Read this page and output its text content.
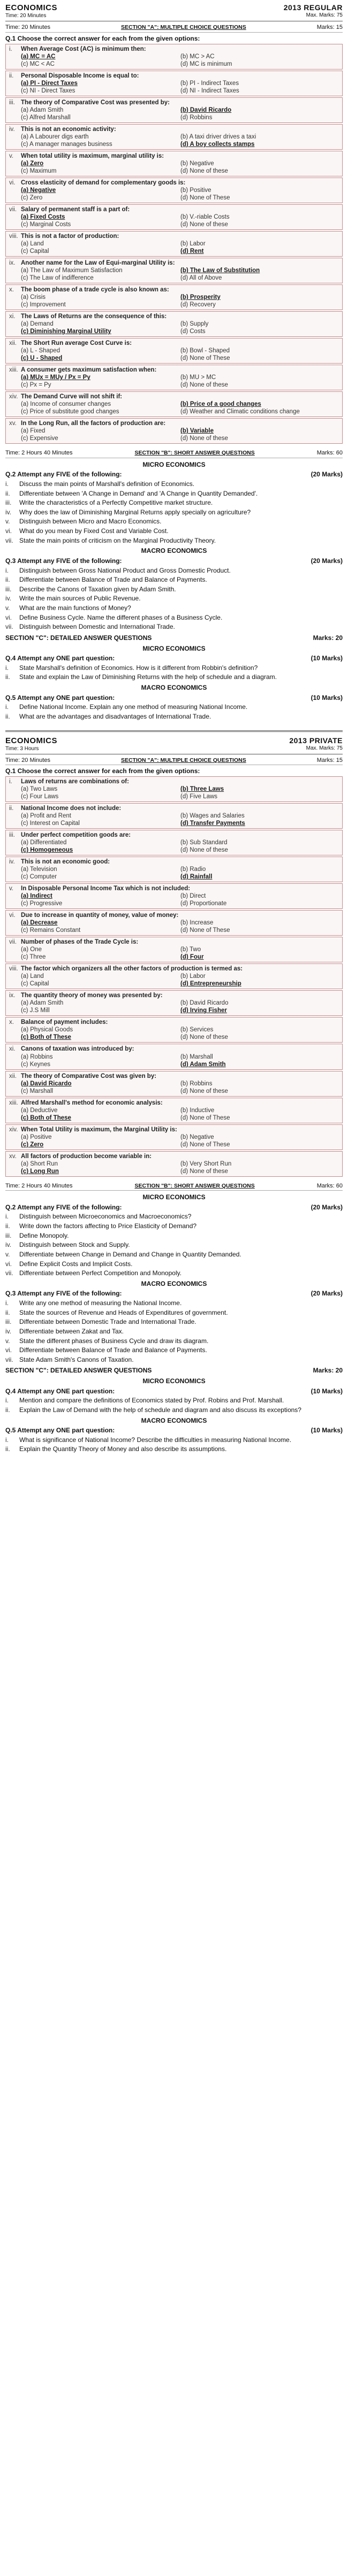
ECONOMICS
Time: 20 Minutes
2013 REGULAR
Max. Marks: 75
Time: 20 Minutes	SECTION "A": MULTIPLE CHOICE QUESTIONS	Marks: 15
Q.1 Choose the correct answer for each from the given options:
i. When Average Cost (AC) is minimum then:
(a) MC = AC	(b) MC > AC
(c) MC < AC	(d) MC is minimum
ii. Personal Disposable Income is equal to:
(a) PI - Direct Taxes	(b) PI - Indirect Taxes
(c) NI - Direct Taxes	(d) NI - Indirect Taxes
iii. The theory of Comparative Cost was presented by:
(a) Adam Smith	(b) David Ricardo
(c) Alfred Marshall	(d) Robbins
iv. This is not an economic activity:
(a) A Labourer digs earth	(b) A taxi driver drives a taxi
(c) A manager manages business	(d) A boy collects stamps
v. When total utility is maximum, marginal utility is:
(a) Zero	(b) Negative
(c) Maximum	(d) None of these
vi. Cross elasticity of demand for complementary goods is:
(a) Negative	(b) Positive
(c) Zero	(d) None of These
vii. Salary of permanent staff is a part of:
(a) Fixed Costs	(b) V.-riable Costs
(c) Marginal Costs	(d) None of these
viii. This is not a factor of production:
(a) Land	(b) Labor
(c) Capital	(d) Rent
ix. Another name for the Law of Equi-marginal Utility is:
(a) The Law of Maximum Satisfaction	(b) The Law of Substitution
(c) The Law of indifference	(d) All of Above
x. The boom phase of a trade cycle is also known as:
(a) Crisis	(b) Prosperity
(c) Improvement	(d) Recovery
xi. The Laws of Returns are the consequence of this:
(a) Demand	(b) Supply
(c) Diminishing Marginal Utility	(d) Costs
xii. The Short Run average Cost Curve is:
(a) L - Shaped	(b) Bowl - Shaped
(c) U - Shaped	(d) None of These
xiii. A consumer gets maximum satisfaction when:
(a) MUx = MUy / Px = Py	(b) MU > MC
(c) Px = Py	(d) None of these
xiv. The Demand Curve will not shift if:
(a) Income of consumer changes	(b) Price of a good changes
(c) Price of substitute good changes	(d) Weather and Climatic conditions change
xv. In the Long Run, all the factors of production are:
(a) Fixed	(b) Variable
(c) Expensive	(d) None of these
Time: 2 Hours 40 Minutes	SECTION "B": SHORT ANSWER QUESTIONS	Marks: 60
MICRO ECONOMICS
Q.2 Attempt any FIVE of the following:	(20 Marks)
i.	Discuss the main points of Marshall's definition of Economics.
ii.	Differentiate between 'A Change in Demand' and 'A Change in Quantity Demanded'.
iii.	Write the characteristics of a Perfectly Competitive market structure.
iv.	Why does the law of Diminishing Marginal Returns apply specially on agriculture?
v.	Distinguish between Micro and Macro Economics.
vi.	What do you mean by Fixed Cost and Variable Cost.
vii. State the main points of criticism on the Marginal Productivity Theory.
MACRO ECONOMICS
Q.3 Attempt any FIVE of the following:	(20 Marks)
i.	Distinguish between Gross National Product and Gross Domestic Product.
ii.	Differentiate between Balance of Trade and Balance of Payments.
iii.	Describe the Canons of Taxation given by Adam Smith.
iv.	Write the main sources of Public Revenue.
v.	What are the main functions of Money?
vi.	Define Business Cycle. Name the different phases of a Business Cycle.
vii. Distinguish between Domestic and International Trade.
SECTION "C": DETAILED ANSWER QUESTIONS	Marks: 20
MICRO ECONOMICS
Q.4 Attempt any ONE part question:	(10 Marks)
i.	State Marshall's definition of Economics. How is it different from Robbin's definition?
ii.	State and explain the Law of Diminishing Returns with the help of schedule and a diagram.
MACRO ECONOMICS
Q.5 Attempt any ONE part question:	(10 Marks)
i.	Define National Income. Explain any one method of measuring National Income.
ii.	What are the advantages and disadvantages of International Trade.
ECONOMICS
Time: 3 Hours
2013 PRIVATE
Max. Marks: 75
Time: 20 Minutes	SECTION "A": MULTIPLE CHOICE QUESTIONS	Marks: 15
Q.1 Choose the correct answer for each from the given options:
i. Laws of returns are combinations of:
(a) Two Laws	(b) Three Laws
(c) Four Laws	(d) Five Laws
ii. National Income does not include:
(a) Profit and Rent	(b) Wages and Salaries
(c) Interest on Capital	(d) Transfer Payments
iii. Under perfect competition goods are:
(a) Differentiated	(b) Sub Standard
(c) Homogeneous	(d) None of these
iv. This is not an economic good:
(a) Television	(b) Radio
(c) Computer	(d) Rainfall
v. In Disposable Personal Income Tax which is not included:
(a) Indirect	(b) Direct
(c) Progressive	(d) Proportionate
vi. Due to increase in quantity of money, value of money:
(a) Decrease	(b) Increase
(c) Remains Constant	(d) None of These
vii. Number of phases of the Trade Cycle is:
(a) One	(b) Two
(c) Three	(d) Four
viii. The factor which organizers all the other factors of production is termed as:
(a) Land	(b) Labor
(c) Capital	(d) Entrepreneurship
ix. The quantity theory of money was presented by:
(a) Adam Smith	(b) David Ricardo
(c) J.S Mill	(d) Irving Fisher
x. Balance of payment includes:
(a) Physical Goods	(b) Services
(c) Both of These	(d) None of these
xi. Canons of taxation was introduced by:
(a) Robbins	(b) Marshall
(c) Keynes	(d) Adam Smith
xii. The theory of Comparative Cost was given by:
(a) David Ricardo	(b) Robbins
(c) Marshall	(d) None of these
xiii. Alfred Marshall's method for economic analysis:
(a) Deductive	(b) Inductive
(c) Both of These	(d) None of These
xiv. When Total Utility is maximum, the Marginal Utility is:
(a) Positive	(b) Negative
(c) Zero	(d) None of These
xv. All factors of production become variable in:
(a) Short Run	(b) Very Short Run
(c) Long Run	(d) None of these
Time: 2 Hours 40 Minutes	SECTION "B": SHORT ANSWER QUESTIONS	Marks: 60
MICRO ECONOMICS
Q.2 Attempt any FIVE of the following:	(20 Marks)
i.	Distinguish between Microeconomics and Macroeconomics?
ii.	Write down the factors affecting to Price Elasticity of Demand?
iii.	Define Monopoly.
iv.	Distinguish between Stock and Supply.
v.	Differentiate between Change in Demand and Change in Quantity Demanded.
vi.	Define Explicit Costs and Implicit Costs.
vii. Differentiate between Perfect Competition and Monopoly.
MACRO ECONOMICS
Q.3 Attempt any FIVE of the following:	(20 Marks)
i.	Write any one method of measuring the National Income.
ii.	State the sources of Revenue and Heads of Expenditures of government.
iii.	Differentiate between Domestic Trade and International Trade.
iv.	Differentiate between Zakat and Tax.
v.	State the different phases of Business Cycle and draw its diagram.
vi.	Differentiate between Balance of Trade and Balance of Payments.
vii. State Adam Smith's Canons of Taxation.
SECTION "C": DETAILED ANSWER QUESTIONS	Marks: 20
MICRO ECONOMICS
Q.4 Attempt any ONE part question:	(10 Marks)
i.	Mention and compare the definitions of Economics stated by Prof. Robins and Prof. Marshall.
ii.	Explain the Law of Demand with the help of schedule and diagram and also discuss its exceptions?
MACRO ECONOMICS
Q.5 Attempt any ONE part question:	(10 Marks)
i.	What is significance of National Income? Describe the difficulties in measuring National Income.
ii.	Explain the Quantity Theory of Money and also describe its assumptions.
